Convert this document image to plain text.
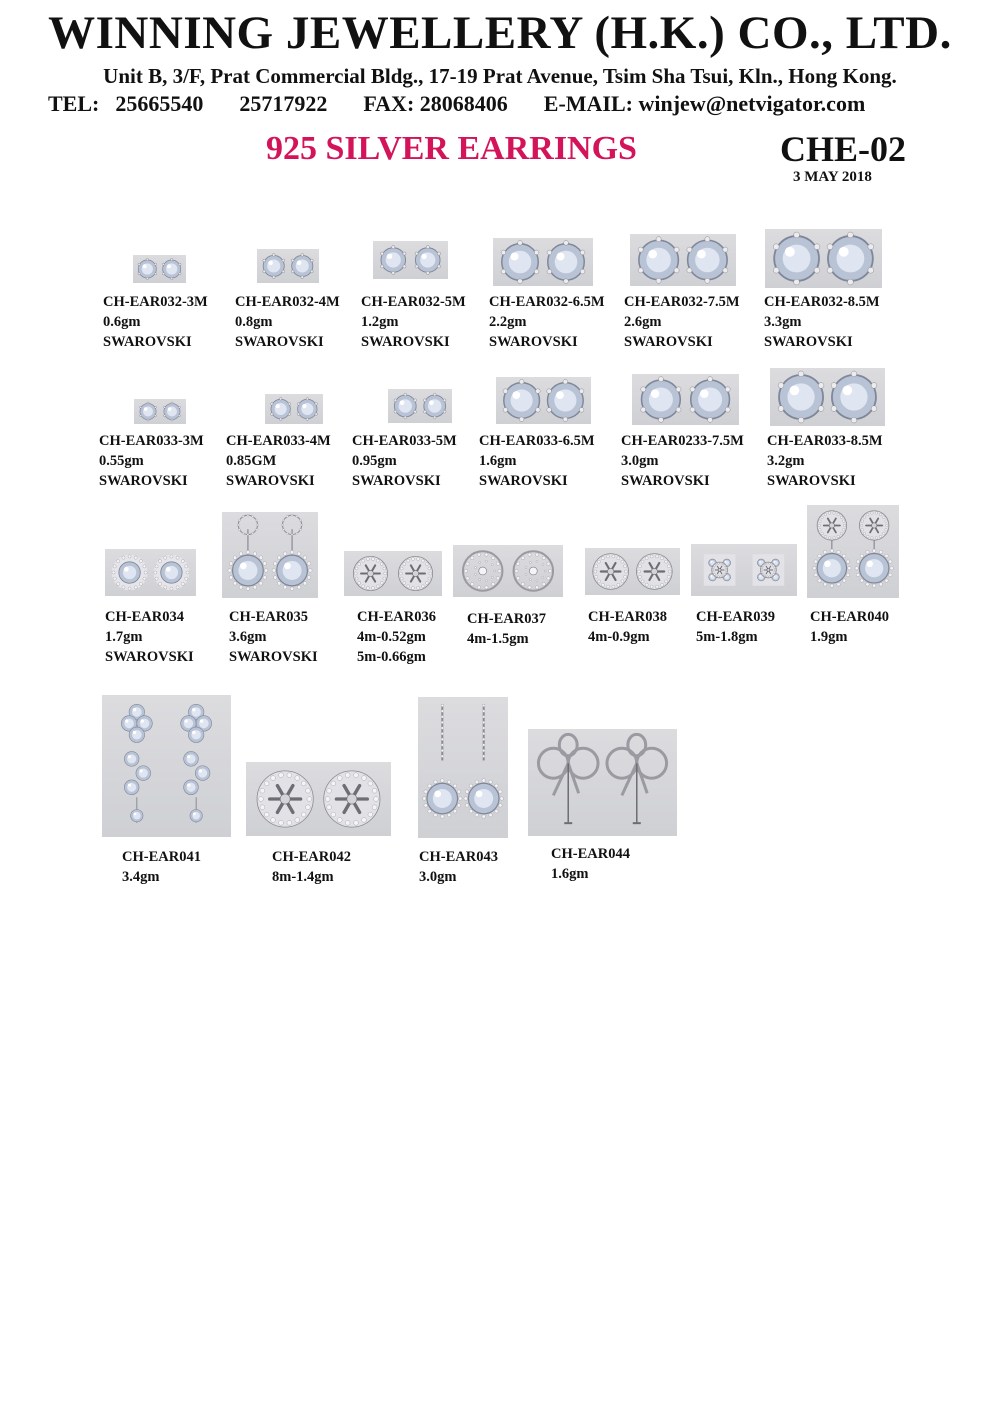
WINNING JEWELLERY (H.K.) CO., LTD.
Unit B, 3/F, Prat Commercial Bldg., 17-19 Prat Avenue, Tsim Sha Tsui, Kln., Hong Kong.
TEL: 25665540 25717922 FAX: 28068406 E-MAIL: winjew@netvigator.com
925 SILVER EARRINGS	CHE-02
3 MAY 2018
CH-EAR032-3M
0.6gm
SWAROVSKI
CH-EAR032-4M
0.8gm
SWAROVSKI
CH-EAR032-5M
1.2gm
SWAROVSKI
CH-EAR032-6.5M
2.2gm
SWAROVSKI
CH-EAR032-7.5M
2.6gm
SWAROVSKI
CH-EAR032-8.5M
3.3gm
SWAROVSKI
CH-EAR033-3M
0.55gm
SWAROVSKI
CH-EAR033-4M
0.85GM
SWAROVSKI
CH-EAR033-5M
0.95gm
SWAROVSKI
CH-EAR033-6.5M
1.6gm
SWAROVSKI
CH-EAR0233-7.5M
3.0gm
SWAROVSKI
CH-EAR033-8.5M
3.2gm
SWAROVSKI
CH-EAR034
1.7gm
SWAROVSKI
CH-EAR035
3.6gm
SWAROVSKI
CH-EAR036
4m-0.52gm
5m-0.66gm
CH-EAR037
4m-1.5gm
CH-EAR038
4m-0.9gm
CH-EAR039
5m-1.8gm
CH-EAR040
1.9gm
CH-EAR041
3.4gm
CH-EAR042
8m-1.4gm
CH-EAR043
3.0gm
CH-EAR044
1.6gm
